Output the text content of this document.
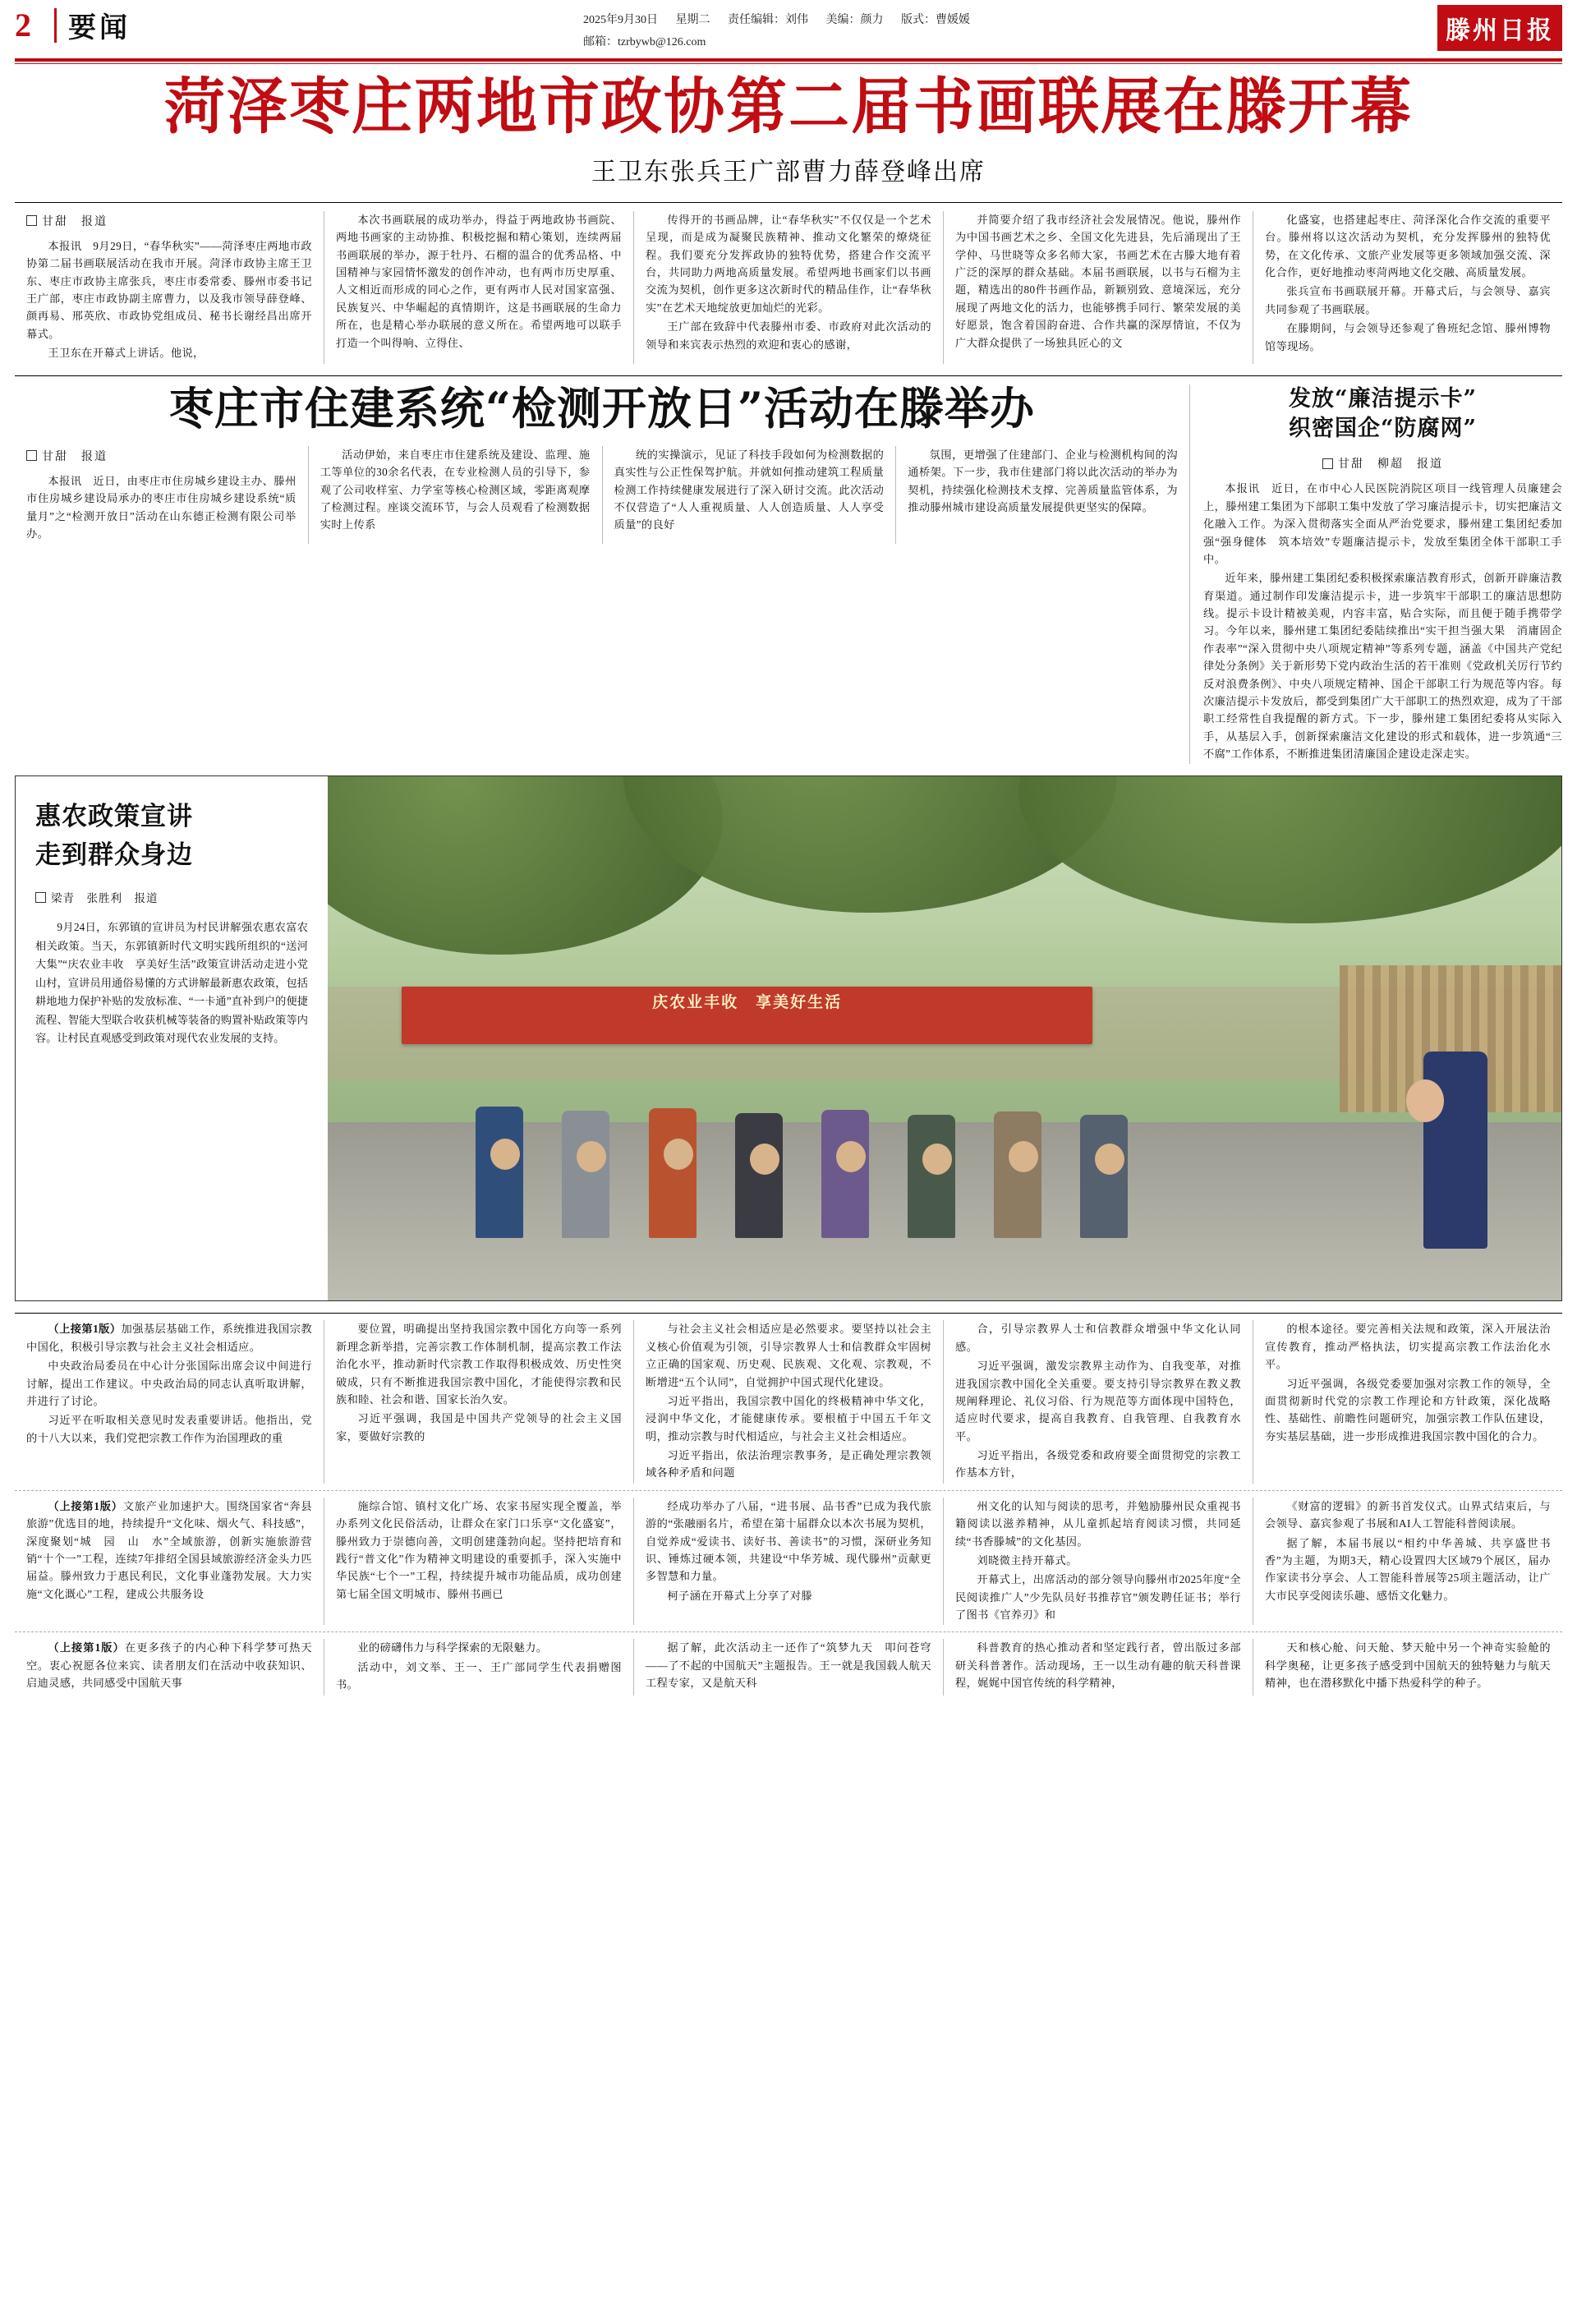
2	要闻	2025年9月30日 星期二 责任编辑：刘伟 美编：颜力 版式：曹媛媛
邮箱：tzrbywb@126.com	滕州日报
菏泽枣庄两地市政协第二届书画联展在滕开幕
王卫东张兵王广部曹力薛登峰出席
甘甜　报道

本报讯　9月29日，“春华秋实”——菏泽枣庄两地市政协第二届书画联展活动在我市开展。菏泽市政协主席王卫东、枣庄市政协主席张兵，枣庄市委常委、滕州市委书记王广部，枣庄市政协副主席曹力，以及我市领导薛登峰、颜再易、邢英欣、市政协党组成员、秘书长谢经昌出席开幕式。

王卫东在开幕式上讲话。他说，

本次书画联展的成功举办，得益于两地政协书画院、两地书画家的主动协推、积极挖掘和精心策划，连续两届书画联展的举办，源于牡丹、石榴的温合的优秀品格、中国精神与家园情怀激发的创作冲动，也有两市历史厚重、人文相近而形成的同心之作，更有两市人民对国家富强、民族复兴、中华崛起的真情期许，这是书画联展的生命力所在，也是精心举办联展的意义所在。希望两地可以联手打造一个叫得响、立得住、

传得开的书画品牌，让“春华秋实”不仅仅是一个艺术呈现，而是成为凝聚民族精神、推动文化繁荣的燎烧征程。我们要充分发挥政协的独特优势，搭建合作交流平台，共同助力两地高质量发展。希望两地书画家们以书画交流为契机，创作更多这次新时代的精品佳作，让“春华秋实”在艺术天地绽放更加灿烂的光彩。

王广部在致辞中代表滕州市委、市政府对此次活动的领导和来宾表示热烈的欢迎和衷心的感谢，

并简要介绍了我市经济社会发展情况。他说，滕州作为中国书画艺术之乡、全国文化先进县，先后涌现出了王学仲、马世晓等众多名师大家，书画艺术在古滕大地有着广泛的深厚的群众基础。本届书画联展，以书与石榴为主题，精选出的80件书画作品，新颖别致、意境深远，充分展现了两地文化的活力，也能够携手同行、繁荣发展的美好愿景，饱含着国韵奋进、合作共赢的深厚情谊，不仅为广大群众提供了一场独具匠心的文

化盛宴，也搭建起枣庄、菏泽深化合作交流的重要平台。滕州将以这次活动为契机，充分发挥滕州的独特优势，在文化传承、文旅产业发展等更多领域加强交流、深化合作，更好地推动枣菏两地文化交融、高质量发展。

张兵宣布书画联展开幕。开幕式后，与会领导、嘉宾共同参观了书画联展。

在滕期间，与会领导还参观了鲁班纪念馆、滕州博物馆等现场。

枣庄市住建系统“检测开放日”活动在滕举办
甘甜　报道

本报讯　近日，由枣庄市住房城乡建设主办、滕州市住房城乡建设局承办的枣庄市住房城乡建设系统“质量月”之“检测开放日”活动在山东德正检测有限公司举办。

活动伊始，来自枣庄市住建系统及建设、监理、施工等单位的30余名代表，在专业检测人员的引导下，参观了公司收样室、力学室等核心检测区域，零距离观摩了检测过程。座谈交流环节，与会人员观看了检测数据实时上传系

统的实操演示，见证了科技手段如何为检测数据的真实性与公正性保驾护航。并就如何推动建筑工程质量检测工作持续健康发展进行了深入研讨交流。此次活动不仅营造了“人人重视质量、人人创造质量、人人享受质量”的良好

氛围，更增强了住建部门、企业与检测机构间的沟通桥架。下一步，我市住建部门将以此次活动的举办为契机，持续强化检测技术支撑、完善质量监管体系，为推动滕州城市建设高质量发展提供更坚实的保障。

发放“廉洁提示卡”
织密国企“防腐网”
甘甜　柳超　报道

本报讯　近日，在市中心人民医院消院区项目一线管理人员廉建会上，滕州建工集团为下部职工集中发放了学习廉洁提示卡，切实把廉洁文化融入工作。为深入贯彻落实全面从严治党要求，滕州建工集团纪委加强“强身健体　筑本培效”专题廉洁提示卡，发放至集团全体干部职工手中。

近年来，滕州建工集团纪委积极探索廉洁教育形式，创新开辟廉洁教育渠道。通过制作印发廉洁提示卡，进一步筑牢干部职工的廉洁思想防线。提示卡设计精被美观，内容丰富，贴合实际，而且便于随手携带学习。今年以来，滕州建工集团纪委陆续推出“实干担当强大果　消庸固企作表率”“深入贯彻中央八项规定精神”等系列专题，涵盖《中国共产党纪律处分条例》关于新形势下党内政治生活的若干准则《党政机关厉行节约反对浪费条例》、中央八项规定精神、国企干部职工行为规范等内容。每次廉洁提示卡发放后，都受到集团广大干部职工的热烈欢迎，成为了干部职工经常性自我提醒的新方式。下一步，滕州建工集团纪委将从实际入手，从基层入手，创新探索廉洁文化建设的形式和载体，进一步筑通“三不腐”工作体系，不断推进集团清廉国企建设走深走实。

惠农政策宣讲
走到群众身边
梁青　张胜利　报道

9月24日，东郭镇的宣讲员为村民讲解强农惠农富农相关政策。当天，东郭镇新时代文明实践所组织的“送河大集”“庆农业丰收　享美好生活”政策宣讲活动走进小党山村，宣讲员用通俗易懂的方式讲解最新惠农政策，包括耕地地力保护补贴的发放标准、“一卡通”直补到户的便捷流程、智能大型联合收获机械等装备的购置补贴政策等内容。让村民直观感受到政策对现代农业发展的支持。

庆农业丰收　享美好生活

（上接第1版）加强基层基础工作，系统推进我国宗教中国化，积极引导宗教与社会主义社会相适应。

中央政治局委员在中心计分张国际出席会议中间进行讨解，提出工作建议。中央政治局的同志认真听取讲解，并进行了讨论。

习近平在听取相关意见时发表重要讲话。他指出，党的十八大以来，我们党把宗教工作作为治国理政的重

要位置，明确提出坚持我国宗教中国化方向等一系列新理念新举措，完善宗教工作体制机制，提高宗教工作法治化水平，推动新时代宗教工作取得积极成效、历史性突破成，只有不断推进我国宗教中国化，才能使得宗教和民族和睦、社会和谐、国家长治久安。

习近平强调，我国是中国共产党领导的社会主义国家，要做好宗教的

与社会主义社会相适应是必然要求。要坚持以社会主义核心价值观为引领，引导宗教界人士和信教群众牢固树立正确的国家观、历史观、民族观、文化观、宗教观，不断增进“五个认同”，自觉拥护中国式现代化建设。

习近平指出，我国宗教中国化的终极精神中华文化，浸润中华文化，才能健康传承。要根植于中国五千年文明，推动宗教与时代相适应，与社会主义社会相适应。

习近平指出，依法治理宗教事务，是正确处理宗教领域各种矛盾和问题

合，引导宗教界人士和信教群众增强中华文化认同感。

习近平强调，激发宗教界主动作为、自我变革，对推进我国宗教中国化全关重要。要支持引导宗教界在教义教规阐释理论、礼仪习俗、行为规范等方面体现中国特色，适应时代要求，提高自我教育、自我管理、自我教育水平。

习近平指出，各级党委和政府要全面贯彻党的宗教工作基本方针，

的根本途径。要完善相关法规和政策，深入开展法治宣传教育，推动严格执法，切实提高宗教工作法治化水平。

习近平强调，各级党委要加强对宗教工作的领导，全面贯彻新时代党的宗教工作理论和方针政策，深化战略性、基础性、前瞻性问题研究，加强宗教工作队伍建设，夯实基层基础，进一步形成推进我国宗教中国化的合力。

（上接第1版）文旅产业加速护大。围绕国家省“奔县旅游”优选目的地，持续提升“文化味、烟火气、科技感”，深度聚划“城　园　山　水”全域旅游，创新实施旅游营销“十个一”工程，连续7年排绍全国县域旅游经济金头力匹届益。滕州致力于惠民利民，文化事业蓬勃发展。大力实施“文化溉心”工程，建成公共服务设

施综合馆、镇村文化广场、农家书屋实现全覆盖，举办系列文化民俗活动，让群众在家门口乐享“文化盛宴”，滕州致力于崇德向善，文明创建蓬勃向起。坚持把培育和践行“普文化”作为精神文明建设的重要抓手，深入实施中华民族“七个一”工程，持续提升城市功能品质，成功创建第七届全国文明城市、滕州书画已

经成功举办了八届，“进书展、品书香”已成为我代旅游的“张融丽名片，希望在第十届群众以本次书展为契机，自觉养成“爱读书、读好书、善读书”的习惯，深研业务知识、锤炼过硬本领，共建设“中华芳城、现代滕州”贡献更多智慧和力量。

柯子涵在开幕式上分享了对滕

州文化的认知与阅读的思考，并勉励滕州民众重视书籍阅读以滋养精神，从儿童抓起培育阅读习惯，共同延续“书香滕城”的文化基因。

刘晓微主持开幕式。

开幕式上，出席活动的部分领导向滕州市2025年度“全民阅读推广人”少先队员好书推荐官”颁发聘任证书；举行了图书《官养刃》和

《财富的逻辑》的新书首发仪式。山界式结束后，与会领导、嘉宾参观了书展和AI人工智能科普阅读展。

据了解，本届书展以“相约中华善城、共享盛世书香”为主题，为期3天，精心设置四大区域79个展区，届办作家读书分享会、人工智能科普展等25项主题活动，让广大市民享受阅读乐趣、感悟文化魅力。

（上接第1版）在更多孩子的内心种下科学梦可热天空。衷心祝愿各位来宾、读者朋友们在活动中收获知识、启迪灵感，共同感受中国航天事

业的磅礴伟力与科学探索的无限魅力。

活动中，刘文举、王一、王广部同学生代表捐赠图书。

据了解，此次活动主一还作了“筑梦九天　叩问苍穹——了不起的中国航天”主题报告。王一就是我国载人航天工程专家，又是航天科

科普教育的热心推动者和坚定践行者，曾出版过多部研关科普著作。活动现场，王一以生动有趣的航天科普课程，娓娓中国官传统的科学精神，

天和核心舱、问天舱、梦天舱中另一个神奇实验舱的科学奥秘，让更多孩子感受到中国航天的独特魅力与航天精神，也在潜移默化中播下热爱科学的种子。
